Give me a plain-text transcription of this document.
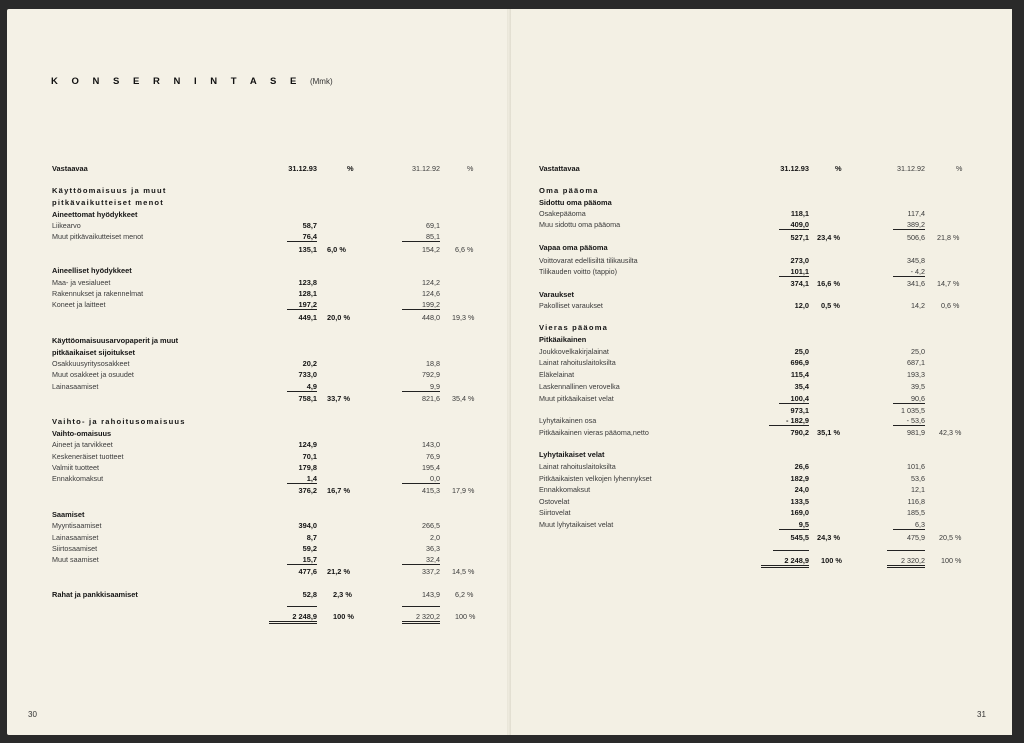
K O N S E R N I N T A S E (Mmk)
Vastaavaa	31.12.93	%	31.12.92	%
Käyttöomaisuus ja muut
pitkävaikutteiset menot
Aineettomat hyödykkeet
Liikearvo	58,7	69,1
Muut pitkävaikutteiset menot	76,4	85,1
135,1 6,0 %	154,2 6,6 %
Aineelliset hyödykkeet
Maa- ja vesialueet	123,8	124,2
Rakennukset ja rakennelmat	128,1	124,6
Koneet ja laitteet	197,2	199,2
449,1 20,0 %	448,0 19,3 %
Käyttöomaisuusarvopaperit ja muut
pitkäaikaiset sijoitukset
Osakkuusyritysosakkeet	20,2	18,8
Muut osakkeet ja osuudet	733,0	792,9
Lainasaamiset	4,9	9,9
758,1 33,7 %	821,6 35,4 %
Vaihto- ja rahoitusomaisuus
Vaihto-omaisuus
Aineet ja tarvikkeet	124,9	143,0
Keskeneräiset tuotteet	70,1	76,9
Valmiit tuotteet	179,8	195,4
Ennakkomaksut	1,4	0,0
376,2 16,7 %	415,3 17,9 %
Saamiset
Myyntisaamiset	394,0	266,5
Lainasaamiset	8,7	2,0
Siirtosaamiset	59,2	36,3
Muut saamiset	15,7	32,4
477,6 21,2 %	337,2 14,5 %
Rahat ja pankkisaamiset	52,8 2,3 %	143,9 6,2 %
2 248,9 100 %	2 320,2 100 %
30
Vastattavaa	31.12.93	%	31.12.92	%
Oma pääoma
Sidottu oma pääoma
Osakepääoma	118,1	117,4
Muu sidottu oma pääoma	409,0	389,2
527,1 23,4 %	506,6 21,8 %
Vapaa oma pääoma
Voittovarat edellisiltä tilikausilta	273,0	345,8
Tilikauden voitto (tappio)	101,1	- 4,2
374,1 16,6 %	341,6 14,7 %
Varaukset
Pakolliset varaukset	12,0 0,5 %	14,2 0,6 %
Vieras pääoma
Pitkäaikainen
Joukkovelkakirjalainat	25,0	25,0
Lainat rahoituslaitoksilta	696,9	687,1
Eläkelainat	115,4	193,3
Laskennallinen verovelka	35,4	39,5
Muut pitkäaikaiset velat	100,4	90,6
973,1	1 035,5
Lyhytaikainen osa	- 182,9	- 53,6
Pitkäaikainen vieras pääoma,netto	790,2 35,1 %	981,9 42,3 %
Lyhytaikaiset velat
Lainat rahoituslaitoksilta	26,6	101,6
Pitkäaikaisten velkojen lyhennykset	182,9	53,6
Ennakkomaksut	24,0	12,1
Ostovelat	133,5	116,8
Siirtovelat	169,0	185,5
Muut lyhytaikaiset velat	9,5	6,3
545,5 24,3 %	475,9 20,5 %
2 248,9 100 %	2 320,2 100 %
31
